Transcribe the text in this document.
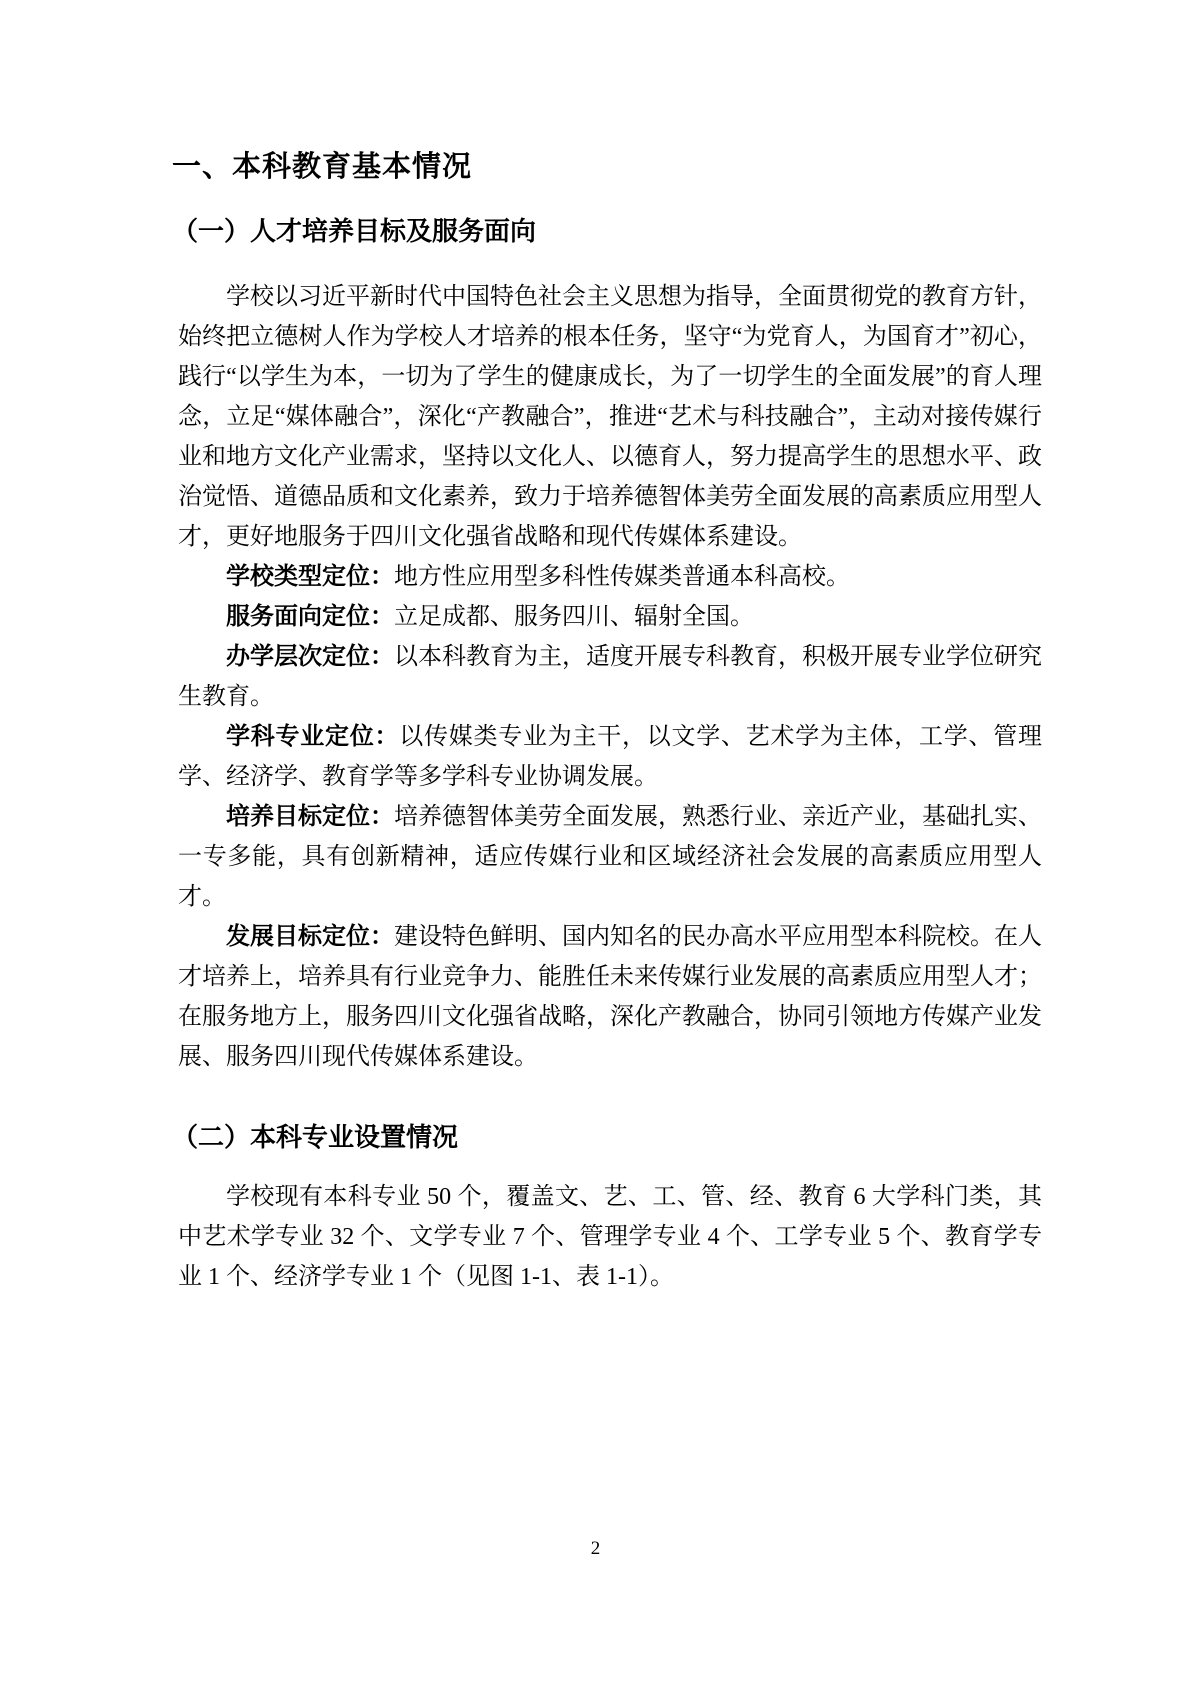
一、本科教育基本情况
（一）人才培养目标及服务面向

学校以习近平新时代中国特色社会主义思想为指导，全面贯彻党的教育方针，始终把立德树人作为学校人才培养的根本任务，坚守“为党育人，为国育才”初心，践行“以学生为本，一切为了学生的健康成长，为了一切学生的全面发展”的育人理念，立足“媒体融合”，深化“产教融合”，推进“艺术与科技融合”，主动对接传媒行业和地方文化产业需求，坚持以文化人、以德育人，努力提高学生的思想水平、政治觉悟、道德品质和文化素养，致力于培养德智体美劳全面发展的高素质应用型人才，更好地服务于四川文化强省战略和现代传媒体系建设。

学校类型定位：地方性应用型多科性传媒类普通本科高校。

服务面向定位：立足成都、服务四川、辐射全国。

办学层次定位：以本科教育为主，适度开展专科教育，积极开展专业学位研究生教育。

学科专业定位：以传媒类专业为主干，以文学、艺术学为主体，工学、管理学、经济学、教育学等多学科专业协调发展。

培养目标定位：培养德智体美劳全面发展，熟悉行业、亲近产业，基础扎实、一专多能，具有创新精神，适应传媒行业和区域经济社会发展的高素质应用型人才。

发展目标定位：建设特色鲜明、国内知名的民办高水平应用型本科院校。在人才培养上，培养具有行业竞争力、能胜任未来传媒行业发展的高素质应用型人才；在服务地方上，服务四川文化强省战略，深化产教融合，协同引领地方传媒产业发展、服务四川现代传媒体系建设。

（二）本科专业设置情况

学校现有本科专业 50 个，覆盖文、艺、工、管、经、教育 6 大学科门类，其中艺术学专业 32 个、文学专业 7 个、管理学专业 4 个、工学专业 5 个、教育学专业 1 个、经济学专业 1 个（见图 1-1、表 1-1）。

2
